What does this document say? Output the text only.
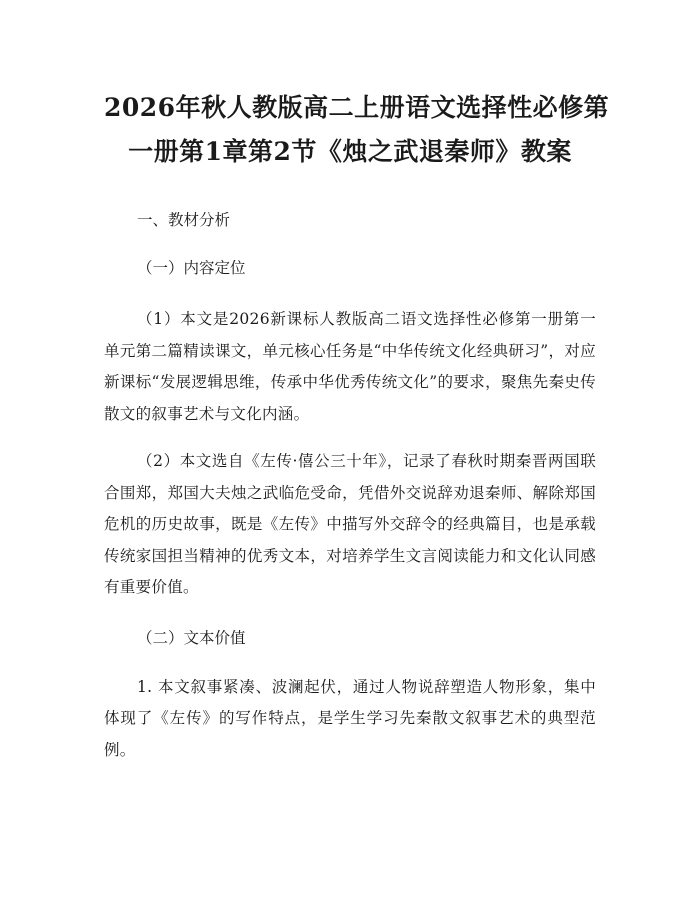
2026年秋人教版高二上册语文选择性必修第
一册第1章第2节《烛之武退秦师》教案

一、教材分析

（一）内容定位

（1）本文是2026新课标人教版高二语文选择性必修第一册第一单元第二篇精读课文，单元核心任务是“中华传统文化经典研习”，对应新课标“发展逻辑思维，传承中华优秀传统文化”的要求，聚焦先秦史传散文的叙事艺术与文化内涵。

（2）本文选自《左传·僖公三十年》，记录了春秋时期秦晋两国联合围郑，郑国大夫烛之武临危受命，凭借外交说辞劝退秦师、解除郑国危机的历史故事，既是《左传》中描写外交辞令的经典篇目，也是承载传统家国担当精神的优秀文本，对培养学生文言阅读能力和文化认同感有重要价值。

（二）文本价值

1. 本文叙事紧凑、波澜起伏，通过人物说辞塑造人物形象，集中体现了《左传》的写作特点，是学生学习先秦散文叙事艺术的典型范例。
